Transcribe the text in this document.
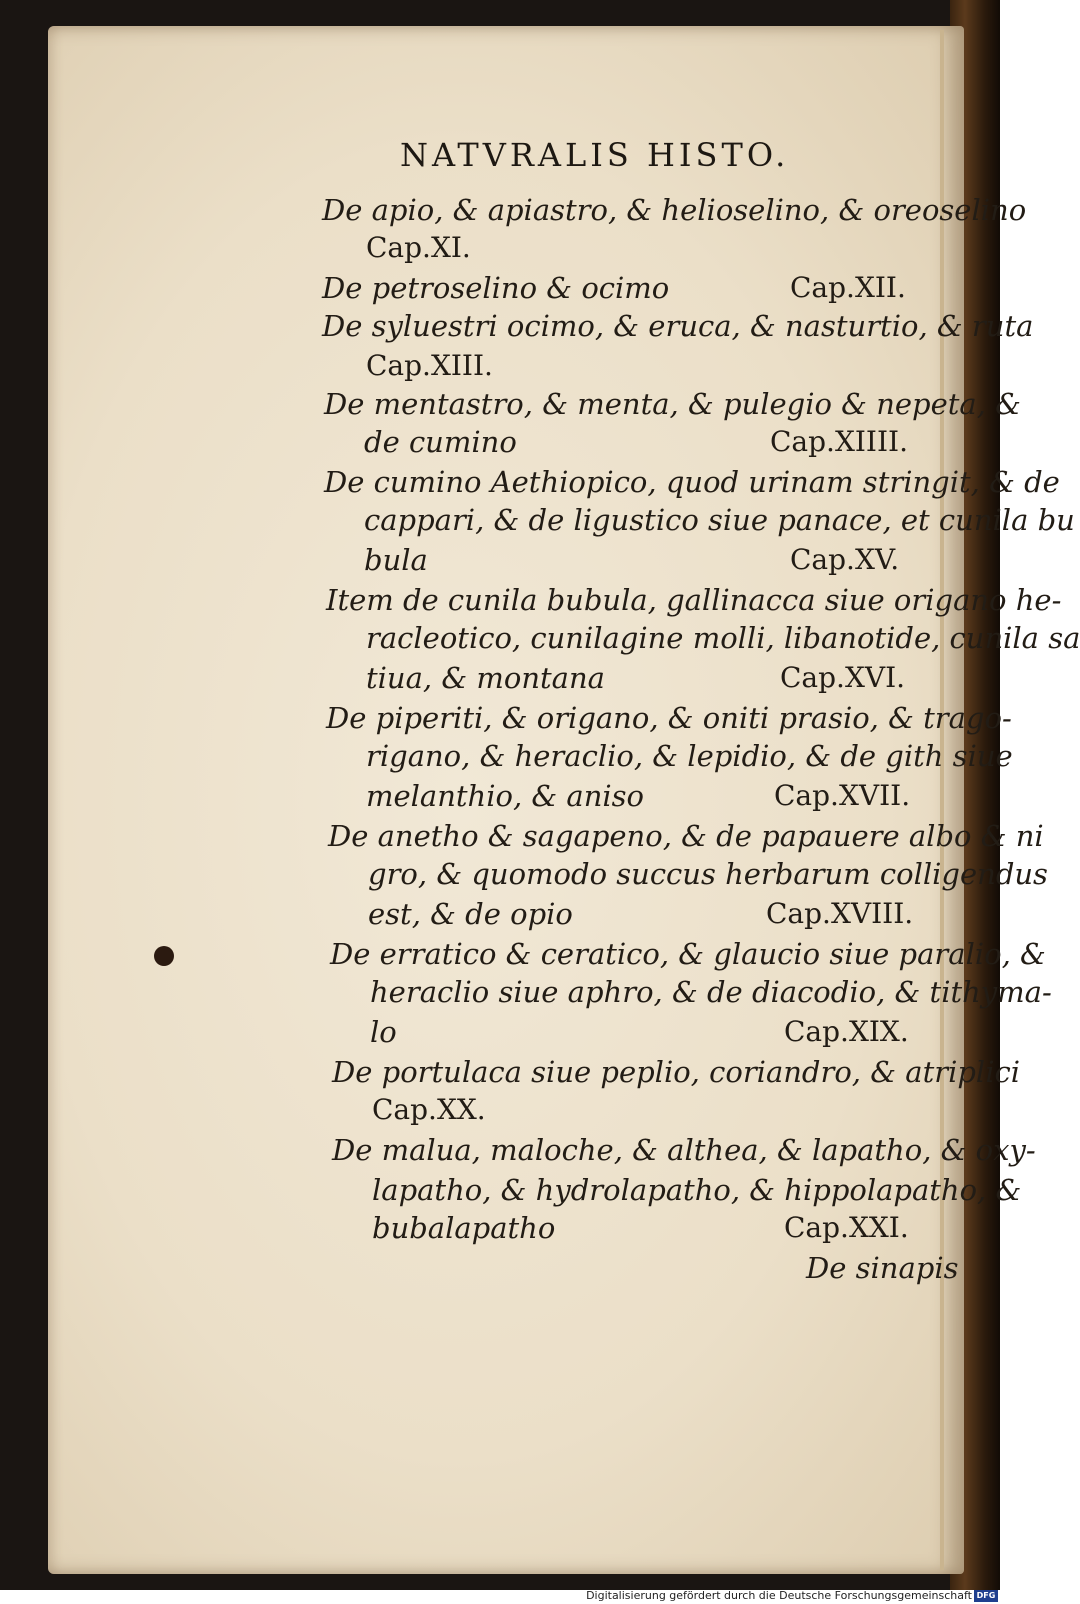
NATVRALIS HISTO.
De apio, & apiastro, & helioselino, & oreoselino
Cap.XI.
De petroselino & ocimo	Cap.XII.
De syluestri ocimo, & eruca, & nasturtio, & ruta
Cap.XIII.
De mentastro, & menta, & pulegio & nepeta, &
de cumino	Cap.XIIII.
De cumino Aethiopico, quod urinam stringit, & de
cappari, & de ligustico siue panace, et cunila bu
bula	Cap.XV.
Item de cunila bubula, gallinacca siue origano he-
racleotico, cunilagine molli, libanotide, cunila sa
tiua, & montana	Cap.XVI.
De piperiti, & origano, & oniti prasio, & trago-
rigano, & heraclio, & lepidio, & de gith siue
melanthio, & aniso	Cap.XVII.
De anetho & sagapeno, & de papauere albo & ni
gro, & quomodo succus herbarum colligendus
est, & de opio	Cap.XVIII.
De erratico & ceratico, & glaucio siue paralio, &
heraclio siue aphro, & de diacodio, & tithyma-
lo	Cap.XIX.
De portulaca siue peplio, coriandro, & atriplici
Cap.XX.
De malua, maloche, & althea, & lapatho, & oxy-
lapatho, & hydrolapatho, & hippolapatho, &
bubalapatho	Cap.XXI.
De sinapis
Digitalisierung gefördert durch die Deutsche Forschungsgemeinschaft DFG
